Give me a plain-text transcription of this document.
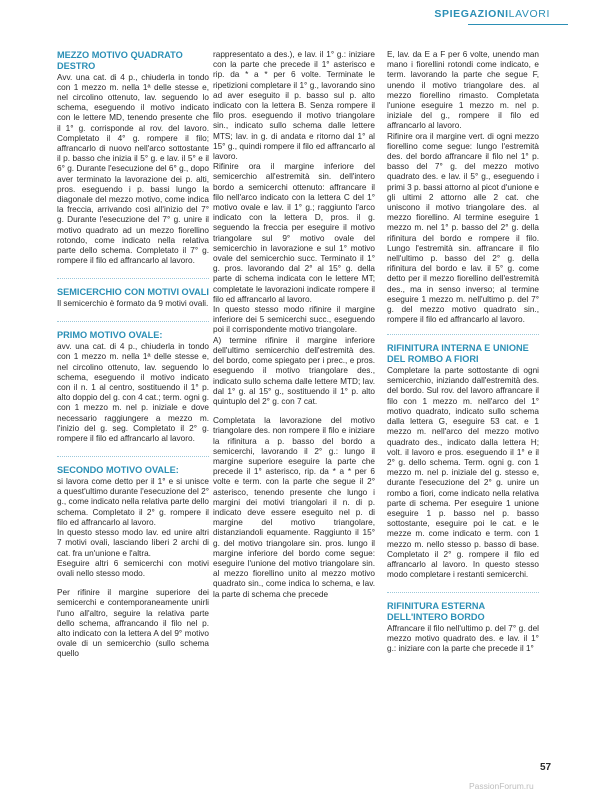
SPIEGAZIONILAVORI
MEZZO MOTIVO QUADRATO DESTRO

Avv. una cat. di 4 p., chiuderla in tondo con 1 mezzo m. nella 1ª delle stesse e, nel circolino ottenuto, lav. seguendo lo schema, eseguendo il motivo indicato con le lettere MD, tenendo presente che il 1° g. corrisponde al rov. del lavoro. Completato il 4° g. rompere il filo; affrancarlo di nuovo nell'arco sottostante il p. basso che inizia il 5° g. e lav. il 5° e il 6° g. Durante l'esecuzione del 6° g., dopo aver terminato la lavorazione dei p. alti, pros. eseguendo i p. bassi lungo la diagonale del mezzo motivo, come indica la freccia, arrivando così all'inizio del 7° g. Durante l'esecuzione del 7° g. unire il motivo quadrato ad un mezzo fiorellino rotondo, come indicato nella relativa parte dello schema. Completato il 7° g. rompere il filo ed affrancarlo al lavoro.

SEMICERCHIO CON MOTIVI OVALI

Il semicerchio è formato da 9 motivi ovali.

PRIMO MOTIVO OVALE:

avv. una cat. di 4 p., chiuderla in tondo con 1 mezzo m. nella 1ª delle stesse e, nel circolino ottenuto, lav. seguendo lo schema, eseguendo il motivo indicato con il n. 1 al centro, sostituendo il 1° p. alto doppio del g. con 4 cat.; term. ogni g. con 1 mezzo m. nel p. iniziale e dove necessario raggiungere a mezzo m. l'inizio del g. seg. Completato il 2° g. rompere il filo ed affrancarlo al lavoro.

SECONDO MOTIVO OVALE:

si lavora come detto per il 1° e si unisce a quest'ultimo durante l'esecuzione del 2° g., come indicato nella relativa parte dello schema. Completato il 2° g. rompere il filo ed affrancarlo al lavoro.

In questo stesso modo lav. ed unire altri 7 motivi ovali, lasciando liberi 2 archi di cat. fra un'unione e l'altra.

Eseguire altri 6 semicerchi con motivi ovali nello stesso modo.

Per rifinire il margine superiore dei semicerchi e contemporaneamente unirli l'uno all'altro, seguire la relativa parte dello schema, affrancando il filo nel p. alto indicato con la lettera A del 9° motivo ovale di un semicerchio (sullo schema quello

rappresentato a des.), e lav. il 1° g.: iniziare con la parte che precede il 1° asterisco e rip. da * a * per 6 volte. Terminate le ripetizioni completare il 1° g., lavorando sino ad aver eseguito il p. basso sul p. alto indicato con la lettera B. Senza rompere il filo pros. eseguendo il motivo triangolare sin., indicato sullo schema dalle lettere MTS; lav. in g. di andata e ritorno dal 1° al 15° g., quindi rompere il filo ed affrancarlo al lavoro.

Rifinire ora il margine inferiore del semicerchio all'estremità sin. dell'intero bordo a semicerchi ottenuto: affrancare il filo nell'arco indicato con la lettera C del 1° motivo ovale e lav. il 1° g.; raggiunto l'arco indicato con la lettera D, pros. il g. seguendo la freccia per eseguire il motivo triangolare sul 9° motivo ovale del semicerchio in lavorazione e sul 1° motivo ovale del semicerchio succ. Terminato il 1° g. pros. lavorando dal 2° al 15° g. della parte di schema indicata con le lettere MT; completate le lavorazioni indicate rompere il filo ed affrancarlo al lavoro.

In questo stesso modo rifinire il margine inferiore dei 5 semicerchi succ., eseguendo poi il corrispondente motivo triangolare.

A) termine rifinire il margine inferiore dell'ultimo semicerchio dell'estremità des. del bordo, come spiegato per i prec., e pros. eseguendo il motivo triangolare des., indicato sullo schema dalle lettere MTD; lav. dal 1° g. al 15° g., sostituendo il 1° p. alto quintuplo del 2° g. con 7 cat.

Completata la lavorazione del motivo triangolare des. non rompere il filo e iniziare la rifinitura a p. basso del bordo a semicerchi, lavorando il 2° g.: lungo il margine superiore eseguire la parte che precede il 1° asterisco, rip. da * a * per 6 volte e term. con la parte che segue il 2° asterisco, tenendo presente che lungo i margini dei motivi triangolari il n. di p. indicato deve essere eseguito nel p. di margine del motivo triangolare, distanziandoli equamente. Raggiunto il 15° g. del motivo triangolare sin. pros. lungo il margine inferiore del bordo come segue: eseguire l'unione del motivo triangolare sin. al mezzo fiorellino unito al mezzo motivo quadrato sin., come indica lo schema, e lav. la parte di schema che precede

E, lav. da E a F per 6 volte, unendo man mano i fiorellini rotondi come indicato, e term. lavorando la parte che segue F, unendo il motivo triangolare des. al mezzo fiorellino rimasto. Completata l'unione eseguire 1 mezzo m. nel p. iniziale del g., rompere il filo ed affrancarlo al lavoro.

Rifinire ora il margine vert. di ogni mezzo fiorellino come segue: lungo l'estremità des. del bordo affrancare il filo nel 1° p. basso del 7° g. del mezzo motivo quadrato des. e lav. il 5° g., eseguendo i primi 3 p. bassi attorno al picot d'unione e gli ultimi 2 attorno alle 2 cat. che uniscono il motivo triangolare des. al mezzo fiorellino. Al termine eseguire 1 mezzo m. nel 1° p. basso del 2° g. della rifinitura del bordo e rompere il filo. Lungo l'estremità sin. affrancare il filo nell'ultimo p. basso del 2° g. della rifinitura del bordo e lav. il 5° g. come detto per il mezzo fiorellino dell'estremità des., ma in senso inverso; al termine eseguire 1 mezzo m. nell'ultimo p. del 7° g. del mezzo motivo quadrato sin., rompere il filo ed affrancarlo al lavoro.

RIFINITURA INTERNA E UNIONE DEL ROMBO A FIORI

Completare la parte sottostante di ogni semicerchio, iniziando dall'estremità des. del bordo. Sul rov. del lavoro affrancare il filo con 1 mezzo m. nell'arco del 1° motivo quadrato, indicato sullo schema dalla lettera G, eseguire 53 cat. e 1 mezzo m. nell'arco del mezzo motivo quadrato des., indicato dalla lettera H; volt. il lavoro e pros. eseguendo il 1° e il 2° g. dello schema. Term. ogni g. con 1 mezzo m. nel p. iniziale del g. stesso e, durante l'esecuzione del 2° g. unire un rombo a fiori, come indicato nella relativa parte di schema. Per eseguire 1 unione eseguire 1 p. basso nel p. basso sottostante, eseguire poi le cat. e le mezze m. come indicato e term. con 1 mezzo m. nello stesso p. basso di base. Completato il 2° g. rompere il filo ed affrancarlo al lavoro. In questo stesso modo completare i restanti semicerchi.

RIFINITURA ESTERNA DELL'INTERO BORDO

Affrancare il filo nell'ultimo p. del 7° g. del mezzo motivo quadrato des. e lav. il 1° g.: iniziare con la parte che precede il 1°

57
PassionForum.ru
